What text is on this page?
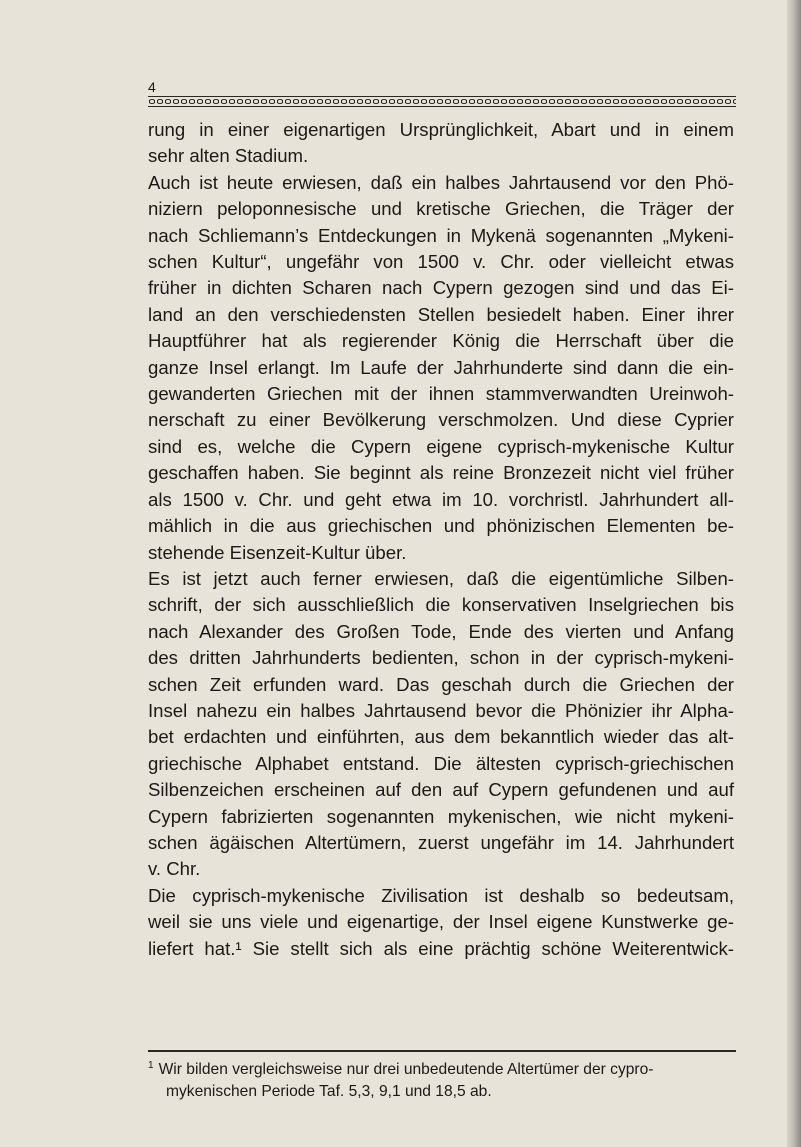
4
rung in einer eigenartigen Ursprünglichkeit, Abart und in einem
sehr alten Stadium.
Auch ist heute erwiesen, daß ein halbes Jahrtausend vor den Phö-
niziern peloponnesische und kretische Griechen, die Träger der
nach Schliemann’s Entdeckungen in Mykenä sogenannten „Mykeni-
schen Kultur“, ungefähr von 1500 v. Chr. oder vielleicht etwas
früher in dichten Scharen nach Cypern gezogen sind und das Ei-
land an den verschiedensten Stellen besiedelt haben. Einer ihrer
Hauptführer hat als regierender König die Herrschaft über die
ganze Insel erlangt. Im Laufe der Jahrhunderte sind dann die ein-
gewanderten Griechen mit der ihnen stammverwandten Ureinwoh-
nerschaft zu einer Bevölkerung verschmolzen. Und diese Cyprier
sind es, welche die Cypern eigene cyprisch-mykenische Kultur
geschaffen haben. Sie beginnt als reine Bronzezeit nicht viel früher
als 1500 v. Chr. und geht etwa im 10. vorchristl. Jahrhundert all-
mählich in die aus griechischen und phönizischen Elementen be-
stehende Eisenzeit-Kultur über.
Es ist jetzt auch ferner erwiesen, daß die eigentümliche Silben-
schrift, der sich ausschließlich die konservativen Inselgriechen bis
nach Alexander des Großen Tode, Ende des vierten und Anfang
des dritten Jahrhunderts bedienten, schon in der cyprisch-mykeni-
schen Zeit erfunden ward. Das geschah durch die Griechen der
Insel nahezu ein halbes Jahrtausend bevor die Phönizier ihr Alpha-
bet erdachten und einführten, aus dem bekanntlich wieder das alt-
griechische Alphabet entstand. Die ältesten cyprisch-griechischen
Silbenzeichen erscheinen auf den auf Cypern gefundenen und auf
Cypern fabrizierten sogenannten mykenischen, wie nicht mykeni-
schen ägäischen Altertümern, zuerst ungefähr im 14. Jahrhundert
v. Chr.
Die cyprisch-mykenische Zivilisation ist deshalb so bedeutsam,
weil sie uns viele und eigenartige, der Insel eigene Kunstwerke ge-
liefert hat.¹ Sie stellt sich als eine prächtig schöne Weiterentwick-
$^1$ Wir bilden vergleichsweise nur drei unbedeutende Altertümer der cypro-
mykenischen Periode Taf. 5,3, 9,1 und 18,5 ab.
